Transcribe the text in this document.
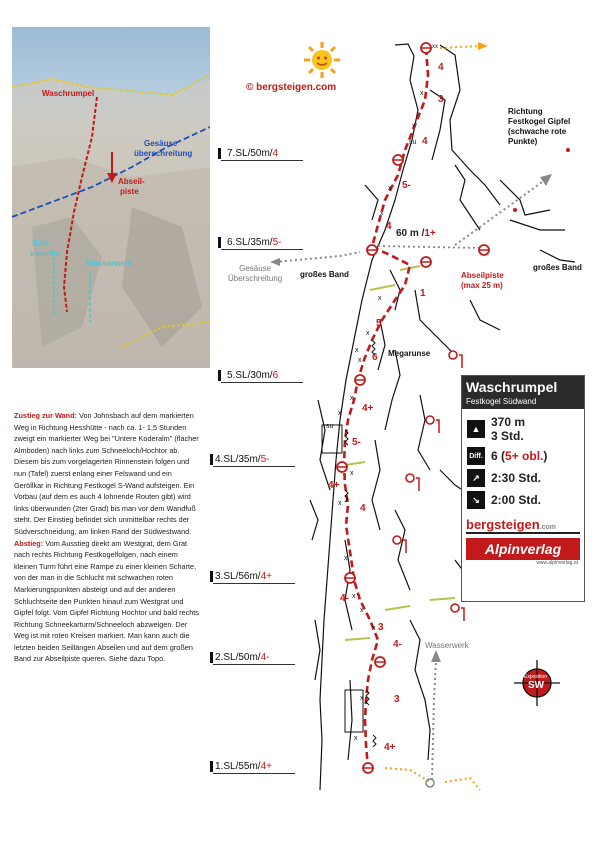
Waschrumpel
Gesäuse
überschreitung
Abseil-
piste
Süd-
verschn.
Wasserwerk
© bergsteigen.com
x
x
x
x
x
x
x
x
x
x
x
x
x
x
x
x
x
x
Richtung
Festkogel Gipfel
(schwache rote
Punkte)
60 m /1+
Gesäuse
Überschreitung großes Band
großes Band
Abseilpiste
(max 25 m)
Megarunse
Wasserwerk
su
su
xx
4
3
4
5-
4
1
5
6
4+
5-
4+
4
4-
3
4-
3
4+
7.SL/50m/4
6.SL/35m/5-
5.SL/30m/6
4.SL/35m/5-
3.SL/56m/4+
2.SL/50m/4-
1.SL/55m/4+
Zustieg zur Wand: Von Johnsbach auf dem markierten Weg in Richtung Hesshütte - nach ca. 1- 1,5 Stunden zweigt ein markierter Weg bei "Untere Koderalm" (flacher Almboden) nach links zum Schneeloch/Hochtor ab. Diesem bis zum vorgelagerten Rinnenstein folgen und nun (Tafel) zuerst enlang einer Felswand und ein Geröllkar in Richtung Festkogel S-Wand aufsteigen. Ein Vorbau (auf dem es auch 4 lohnende Routen gibt) wird links überwunden (2ter Grad) bis man vor dem Wandfuß steht. Der Einstieg befindet sich unmittelbar rechts der Südverschneidung, am linken Rand der Südwestwand.
Abstieg: Vom Ausstieg direkt am Westgrat, dem Grat nach rechts Richtung Festkogelfolgen, nach einem kleinen Turm führt eine Rampe zu einer kleinen Scharte, von der man in die Schlucht mit schwachen roten Markierungspunkten absteigt und auf der anderen Schluchtseite den Punkten hinauf zum Westgrat und Gipfel folgt. Vom Gipfel Richtung Hochtor und bald rechts Richtung Schneekarturm/Schneeloch abzweigen. Der Weg ist mit roten Kreisen markiert. Man kann auch die letzten beiden Seillängen Abseilen und auf dem großen Band zur Abseilpiste queren. Siehe dazu Topo.
Waschrumpel
Festkogel Südwand
▲ 370 m
3 Std.
Diff. 6 (5+ obl.)
↗ 2:30 Std.
↘ 2:00 Std.
bergsteigen.com
Alpinverlag
www.alpinverlag.at
Exposition
SW
